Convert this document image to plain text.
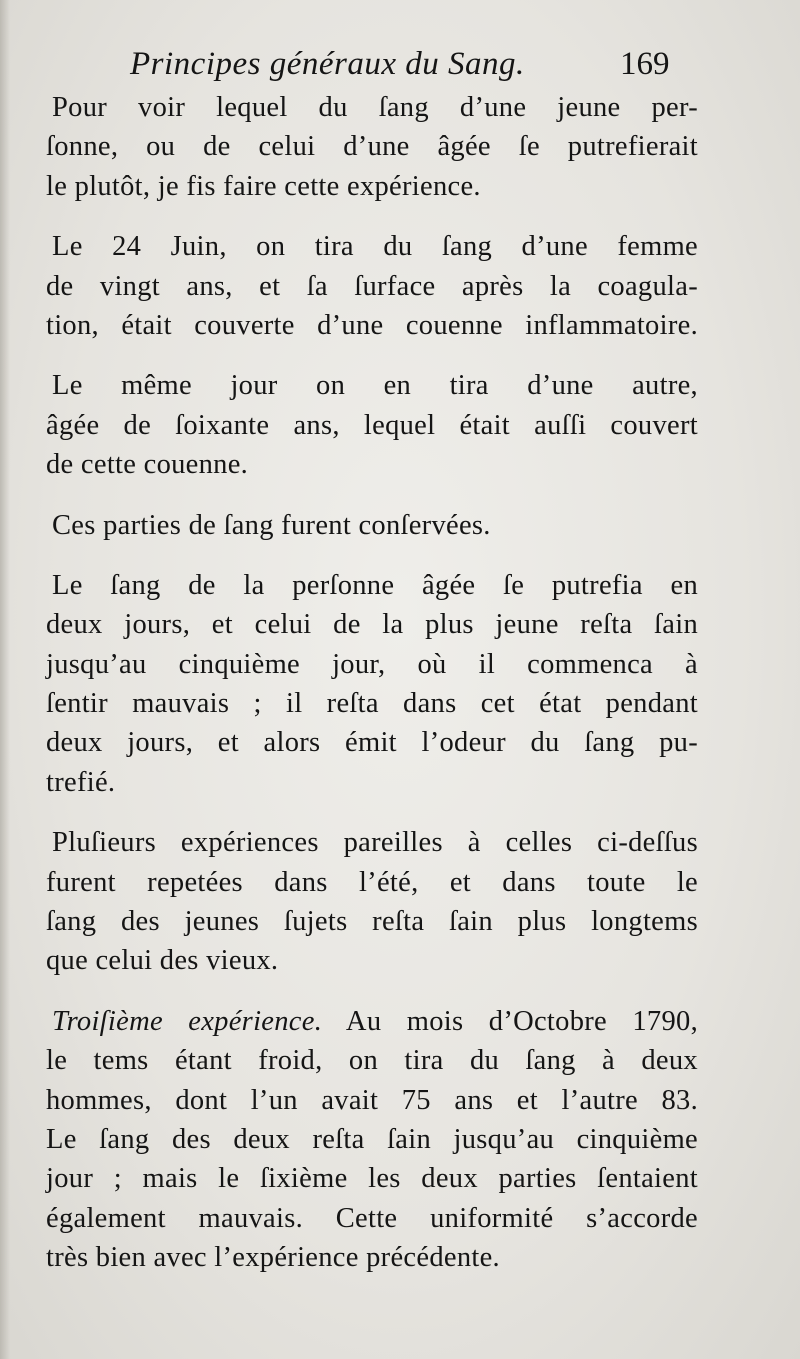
Principes généraux du Sang.	169
Pour voir lequel du ſang d’une jeune per-
ſonne, ou de celui d’une âgée ſe putrefierait
le plutôt, je fis faire cette expérience.
Le 24 Juin, on tira du ſang d’une femme
de vingt ans, et ſa ſurface après la coagula-
tion, était couverte d’une couenne inflammatoire.
Le même jour on en tira d’une autre,
âgée de ſoixante ans, lequel était auſſi couvert
de cette couenne.
Ces parties de ſang furent conſervées.
Le ſang de la perſonne âgée ſe putrefia en
deux jours, et celui de la plus jeune reſta ſain
jusqu’au cinquième jour, où il commenca à
ſentir mauvais ; il reſta dans cet état pendant
deux jours, et alors émit l’odeur du ſang pu-
trefié.
Pluſieurs expériences pareilles à celles ci-deſſus
furent repetées dans l’été, et dans toute le
ſang des jeunes ſujets reſta ſain plus longtems
que celui des vieux.
Troiſième expérience. Au mois d’Octobre 1790,
le tems étant froid, on tira du ſang à deux
hommes, dont l’un avait 75 ans et l’autre 83.
Le ſang des deux reſta ſain jusqu’au cinquième
jour ; mais le ſixième les deux parties ſentaient
également mauvais. Cette uniformité s’accorde
très bien avec l’expérience précédente.
